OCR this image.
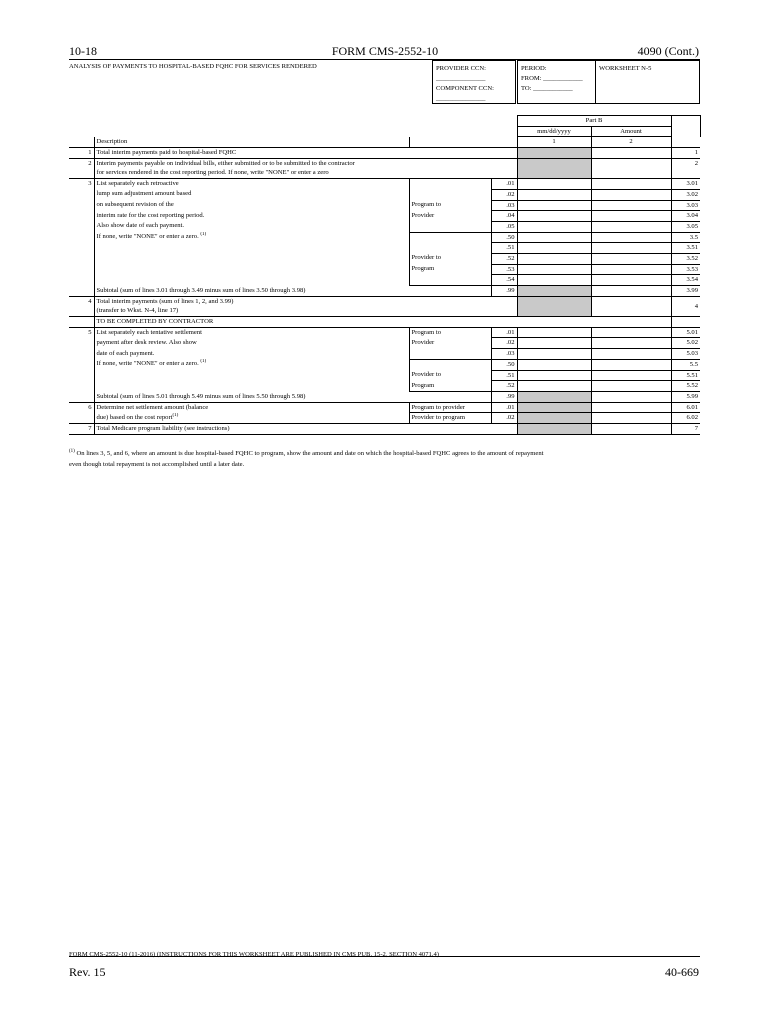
10-18	FORM CMS-2552-10	4090 (Cont.)
ANALYSIS OF PAYMENTS TO HOSPITAL-BASED FQHC FOR SERVICES RENDERED	PROVIDER CCN:
_______________
COMPONENT CCN:
_______________
PERIOD:
FROM: ____________
TO: ____________
WORKSHEET N-5
				Part B		
				mm/dd/yyyy	Amount	
	Description			1	2	
1	Total interim payments paid to hospital-based FQHC					1
2	Interim payments payable on individual bills, either submitted or to be submitted to the contractor					2
	for services rendered in the cost reporting period. If none, write "NONE" or enter a zero					
3	List separately each retroactive		.01			3.01
	lump sum adjustment amount based		.02			3.02
	on subsequent revision of the	Program to	.03			3.03
	interim rate for the cost reporting period.	Provider	.04			3.04
	Also show date of each payment.		.05			3.05
	If none, write "NONE" or enter a zero. $^{(1)}$		.50			3.5
			.51			3.51
		Provider to	.52			3.52
		Program	.53			3.53
			.54			3.54
	Subtotal (sum of lines 3.01 through 3.49 minus sum of lines 3.50 through 3.98)		.99			3.99
4	Total interim payments (sum of lines 1, 2, and 3.99)					4
	(transfer to Wkst. N-4, line 17)					
	TO BE COMPLETED BY CONTRACTOR					
5	List separately each tentative settlement	Program to	.01			5.01
	payment after desk review. Also show	Provider	.02			5.02
	date of each payment.		.03			5.03
	If none, write "NONE" or enter a zero. $^{(1)}$		.50			5.5
		Provider to	.51			5.51
		Program	.52			5.52
	Subtotal (sum of lines 5.01 through 5.49 minus sum of lines 5.50 through 5.98)		.99			5.99
6	Determine net settlement amount (balance	Program to provider	.01			6.01
	due) based on the cost report$^{(1)}$	Provider to program	.02			6.02
7	Total Medicare program liability (see instructions)					7
$^{(1)}$ On lines 3, 5, and 6, where an amount is due hospital-based FQHC to program, show the amount and date on which the hospital-based FQHC agrees to the amount of repayment
even though total repayment is not accomplished until a later date.
FORM CMS-2552-10 (11-2016) (INSTRUCTIONS FOR THIS WORKSHEET ARE PUBLISHED IN CMS PUB. 15-2, SECTION 4071.4)
Rev. 15	40-669
